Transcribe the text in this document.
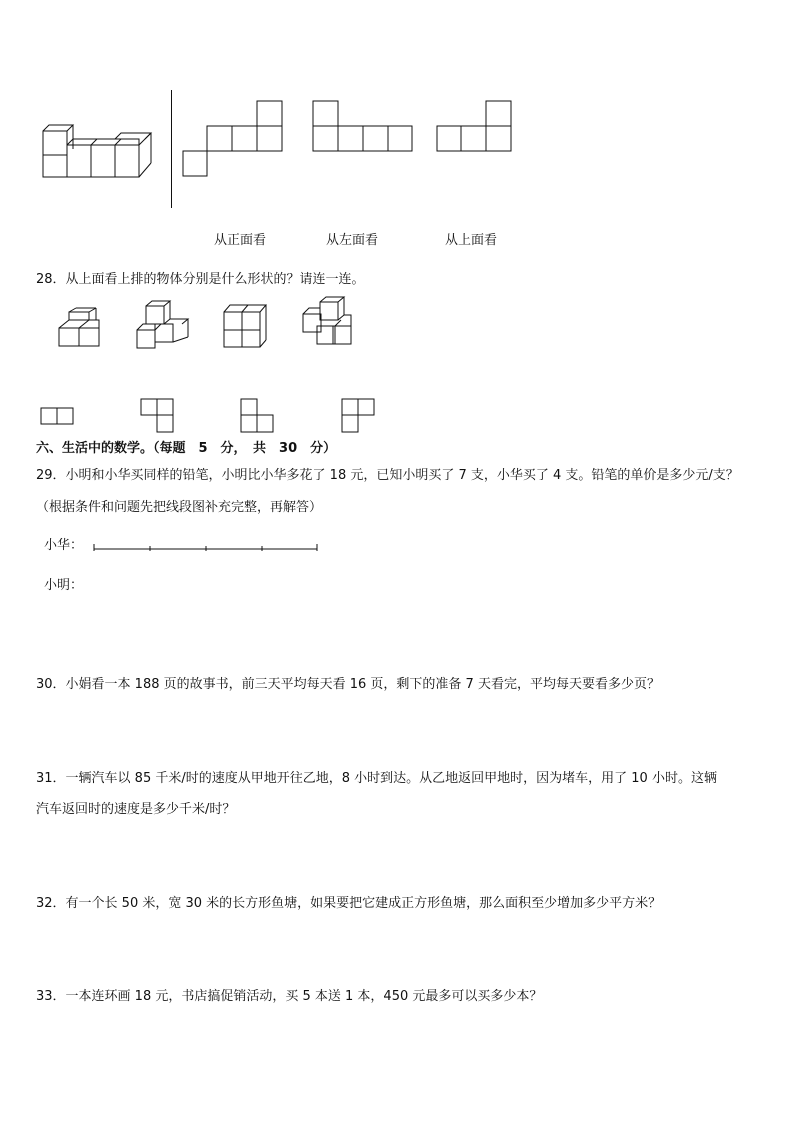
从正面看	从左面看	从上面看
28．从上面看上排的物体分别是什么形状的？请连一连。
六、生活中的数学。（每题　5　分，　共　30　分）
29．小明和小华买同样的铅笔，小明比小华多花了 18 元，已知小明买了 7 支，小华买了 4 支。铅笔的单价是多少元/支？
（根据条件和问题先把线段图补充完整，再解答）
小华：
小明：
30．小娟看一本 188 页的故事书，前三天平均每天看 16 页，剩下的准备 7 天看完，平均每天要看多少页？
31．一辆汽车以 85 千米/时的速度从甲地开往乙地，8 小时到达。从乙地返回甲地时，因为堵车，用了 10 小时。这辆
汽车返回时的速度是多少千米/时？
32．有一个长 50 米，宽 30 米的长方形鱼塘，如果要把它建成正方形鱼塘，那么面积至少增加多少平方米？
33．一本连环画 18 元，书店搞促销活动，买 5 本送 1 本，450 元最多可以买多少本？
